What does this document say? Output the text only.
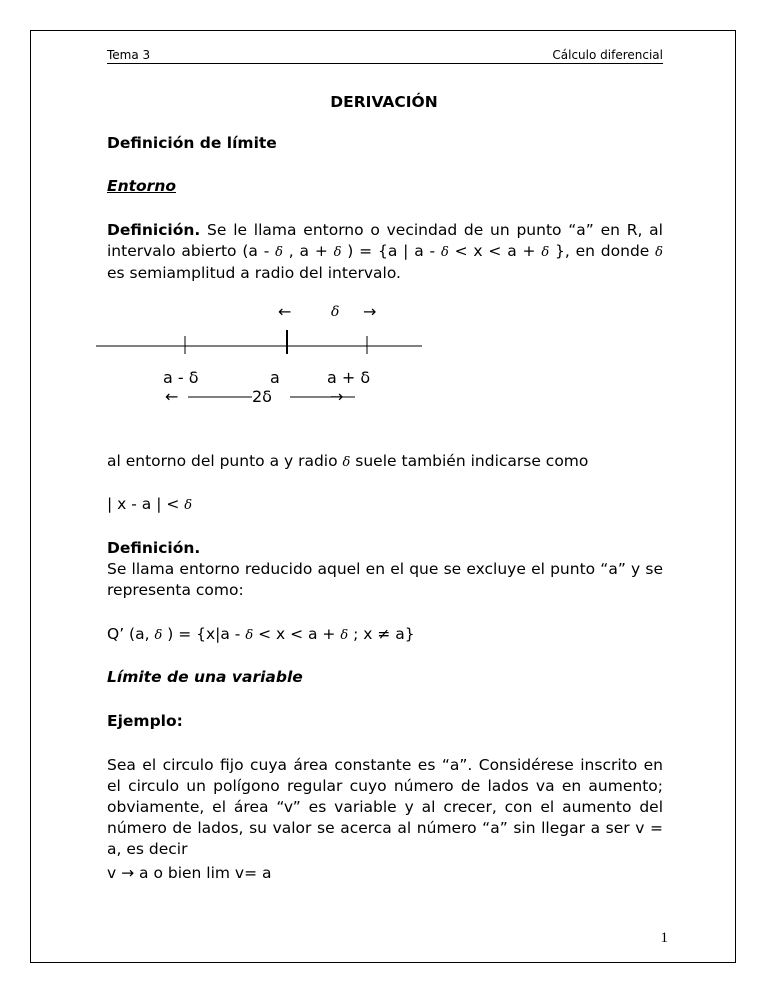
Tema 3	Cálculo diferencial
DERIVACIÓN
Definición de límite
Entorno
Definición. Se le llama entorno o vecindad de un punto “a” en R, al intervalo abierto (a - δ , a + δ ) = {a | a - δ < x < a + δ }, en donde δ es semiamplitud a radio del intervalo.
←	δ →
a - δ	a	a + δ
←	2δ	→
al entorno del punto a y radio δ suele también indicarse como
| x - a | < δ
Definición.
Se llama entorno reducido aquel en el que se excluye el punto “a” y se representa como:
Q’ (a, δ ) = {x|a - δ < x < a + δ ; x ≠ a}
Límite de una variable
Ejemplo:
Sea el circulo fijo cuya área constante es “a”. Considérese inscrito en el circulo un polígono regular cuyo número de lados va en aumento; obviamente, el área “v” es variable y al crecer, con el aumento del número de lados, su valor se acerca al número “a” sin llegar a ser v = a, es decir
v → a o bien lim v= a
1
